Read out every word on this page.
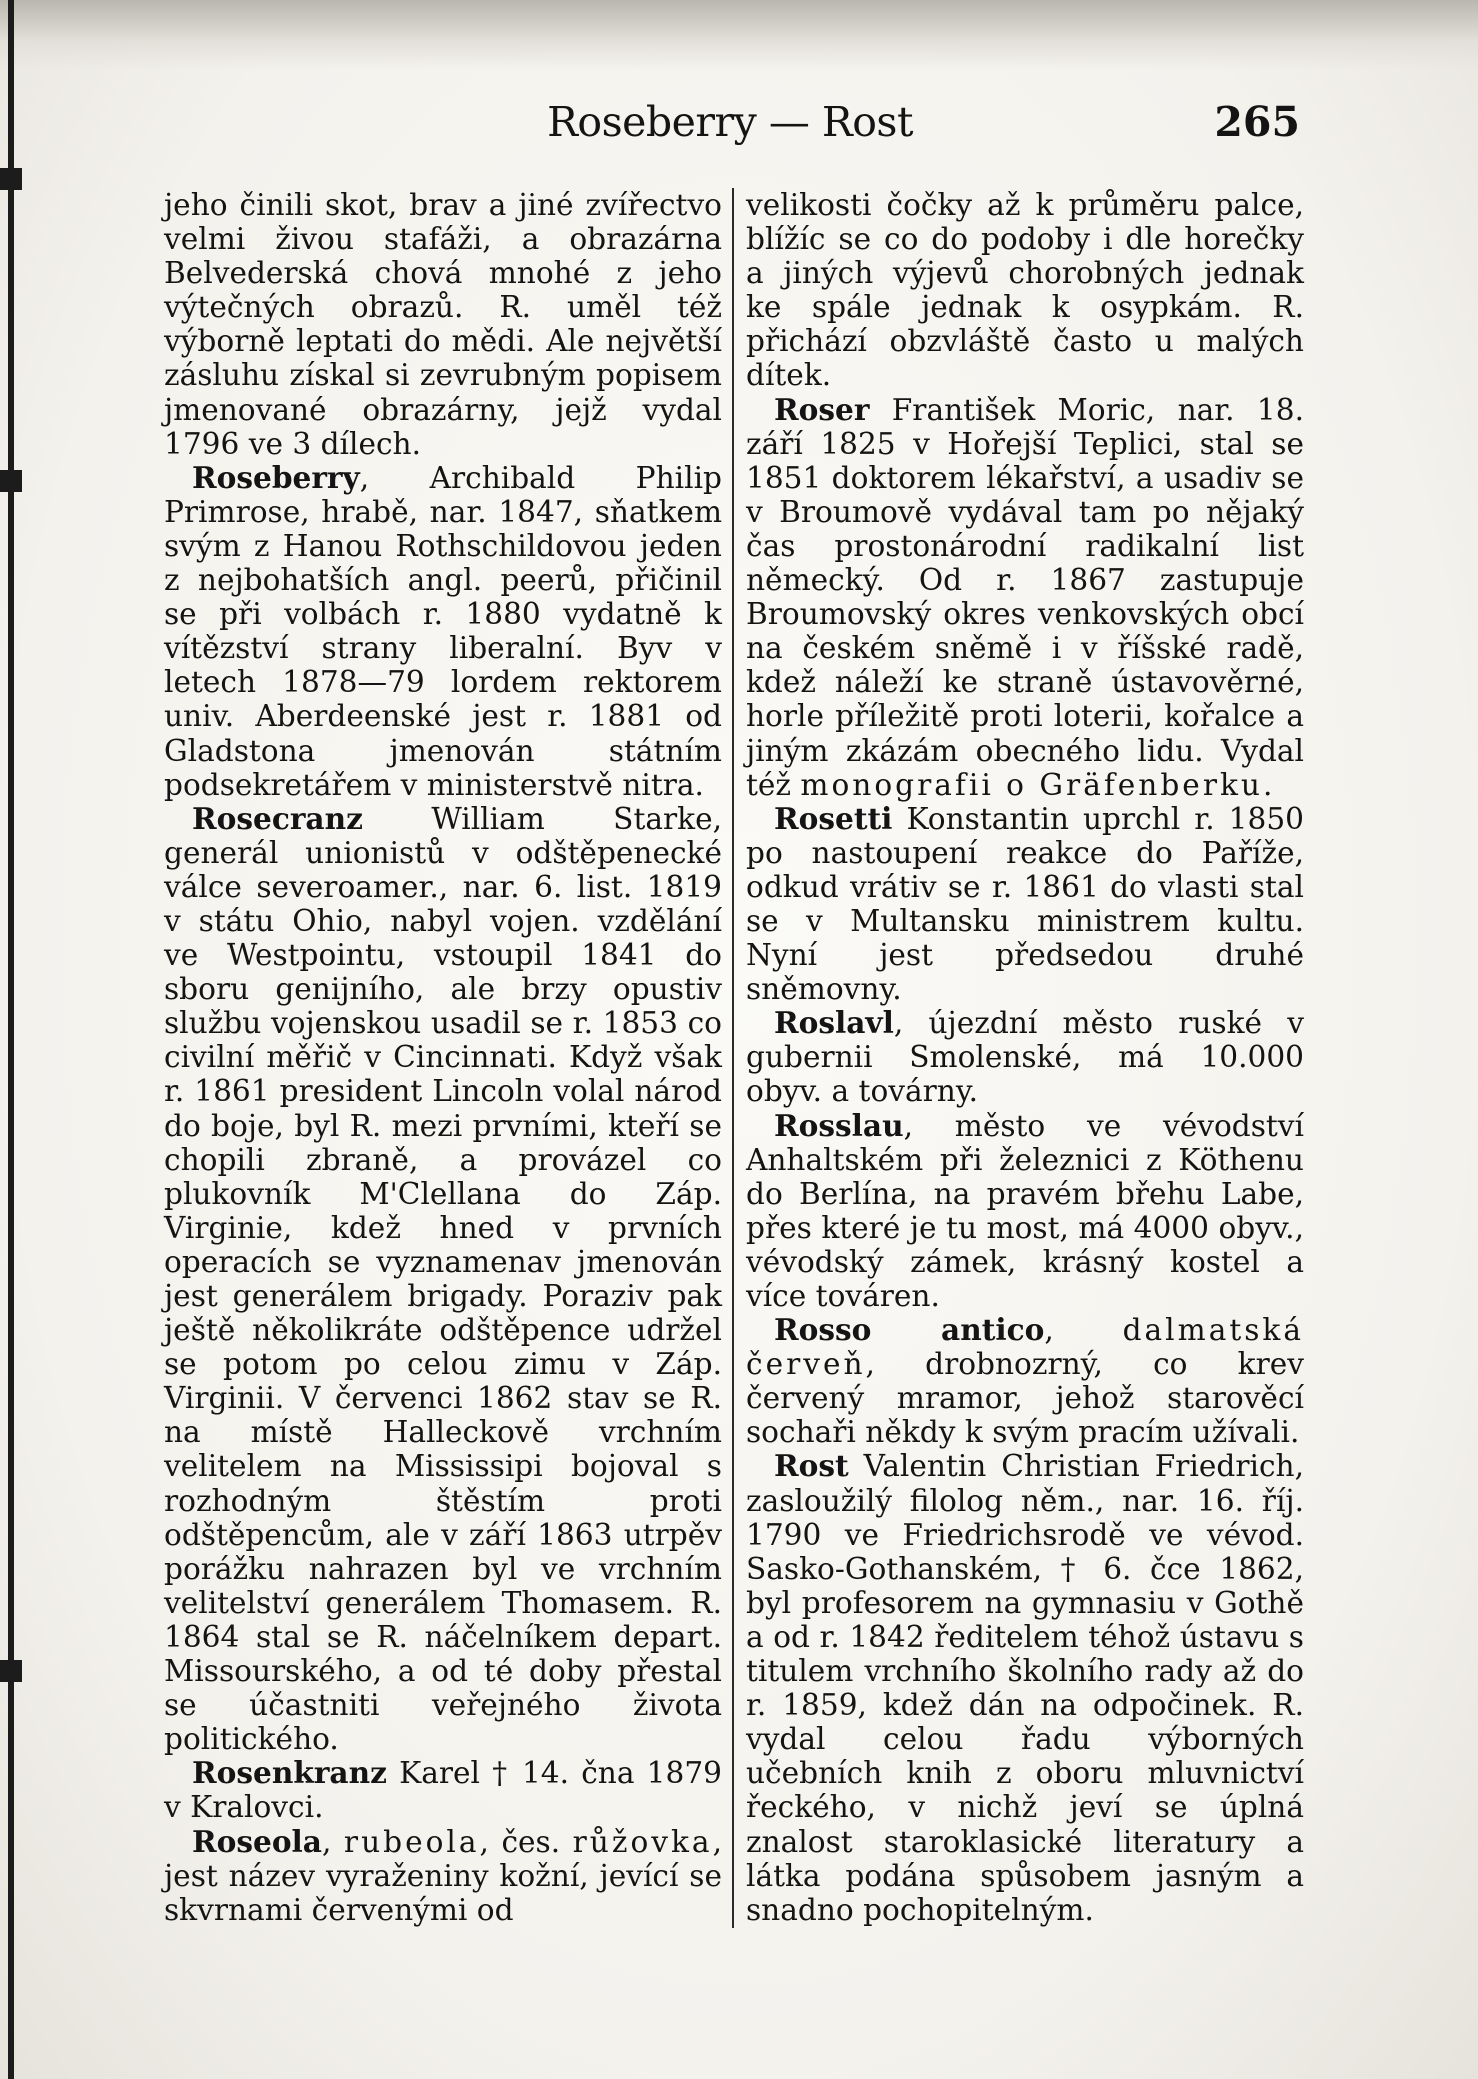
Roseberry — Rost	265

jeho činili skot, brav a jiné zvířectvo velmi živou stafáži, a obrazárna Belvederská chová mnohé z jeho výtečných obrazů. R. uměl též výborně leptati do mědi. Ale největší zásluhu získal si zevrubným popisem jmenované obrazárny, jejž vydal 1796 ve 3 dílech.

Roseberry, Archibald Philip Primrose, hrabě, nar. 1847, sňatkem svým z Hanou Rothschildovou jeden z nejbohatších angl. peerů, přičinil se při volbách r. 1880 vydatně k vítězství strany liberalní. Byv v letech 1878—79 lordem rektorem univ. Aberdeenské jest r. 1881 od Gladstona jmenován státním podsekretářem v ministerstvě nitra.

Rosecranz William Starke, generál unionistů v odštěpenecké válce severoamer., nar. 6. list. 1819 v státu Ohio, nabyl vojen. vzdělání ve Westpointu, vstoupil 1841 do sboru genijního, ale brzy opustiv službu vojenskou usadil se r. 1853 co civilní měřič v Cincinnati. Když však r. 1861 president Lincoln volal národ do boje, byl R. mezi prvními, kteří se chopili zbraně, a provázel co plukovník M'Clellana do Záp. Virginie, kdež hned v prvních operacích se vyznamenav jmenován jest generálem brigady. Poraziv pak ještě několikráte odštěpence udržel se potom po celou zimu v Záp. Virginii. V červenci 1862 stav se R. na místě Halleckově vrchním velitelem na Mississipi bojoval s rozhodným štěstím proti odštěpencům, ale v září 1863 utrpěv porážku nahrazen byl ve vrchním velitelství generálem Thomasem. R. 1864 stal se R. náčelníkem depart. Missourského, a od té doby přestal se účastniti veřejného života politického.

Rosenkranz Karel † 14. čna 1879 v Kralovci.

Roseola, rubeola, čes. růžovka, jest název vyraženiny kožní, jevící se skvrnami červenými od

velikosti čočky až k průměru palce, blížíc se co do podoby i dle horečky a jiných výjevů chorobných jednak ke spále jednak k osypkám. R. přichází obzvláště často u malých dítek.

Roser František Moric, nar. 18. září 1825 v Hořejší Teplici, stal se 1851 doktorem lékařství, a usadiv se v Broumově vydával tam po nějaký čas prostonárodní radikalní list německý. Od r. 1867 zastupuje Broumovský okres venkovských obcí na českém sněmě i v říšské radě, kdež náleží ke straně ústavověrné, horle příležitě proti loterii, kořalce a jiným zkázám obecného lidu. Vydal též monografii o Gräfenberku.

Rosetti Konstantin uprchl r. 1850 po nastoupení reakce do Paříže, odkud vrátiv se r. 1861 do vlasti stal se v Multansku ministrem kultu. Nyní jest předsedou druhé sněmovny.

Roslavl, újezdní město ruské v gubernii Smolenské, má 10.000 obyv. a továrny.

Rosslau, město ve vévodství Anhaltském při železnici z Köthenu do Berlína, na pravém břehu Labe, přes které je tu most, má 4000 obyv., vévodský zámek, krásný kostel a více továren.

Rosso antico, dalmatská červeň, drobnozrný, co krev červený mramor, jehož starověcí sochaři někdy k svým pracím užívali.

Rost Valentin Christian Friedrich, zasloužilý filolog něm., nar. 16. říj. 1790 ve Friedrichsrodě ve vévod. Sasko-Gothanském, † 6. čce 1862, byl profesorem na gymnasiu v Gothě a od r. 1842 ředitelem téhož ústavu s titulem vrchního školního rady až do r. 1859, kdež dán na odpočinek. R. vydal celou řadu výborných učebních knih z oboru mluvnictví řeckého, v nichž jeví se úplná znalost staroklasické literatury a látka podána spůsobem jasným a snadno pochopitelným.
